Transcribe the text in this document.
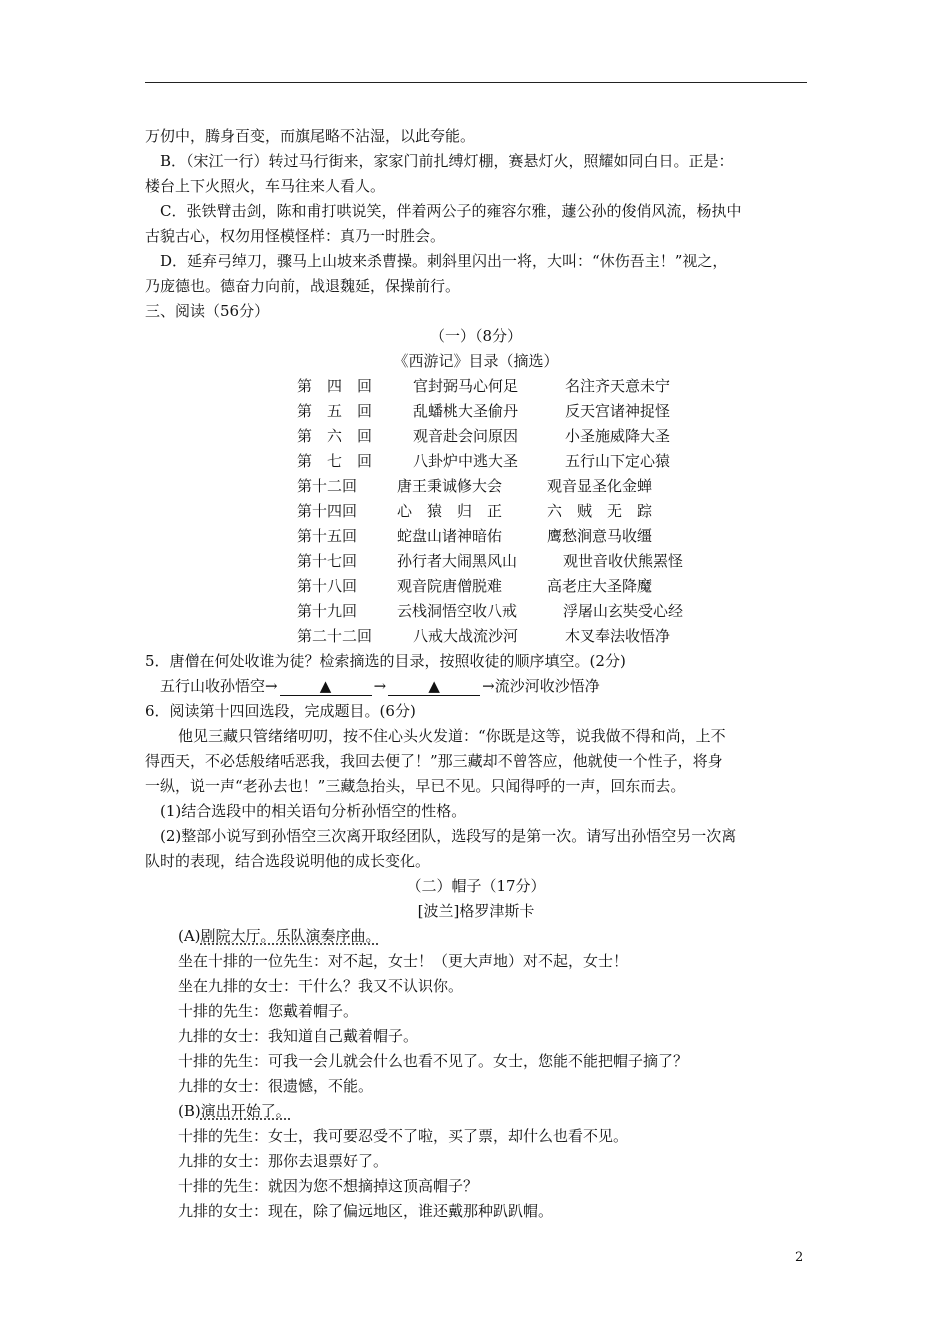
万仞中，腾身百变，而旗尾略不沾湿，以此夸能。
B．（宋江一行）转过马行街来，家家门前扎缚灯棚，赛悬灯火，照耀如同白日。正是：
楼台上下火照火，车马往来人看人。
C．张铁臂击剑，陈和甫打哄说笑，伴着两公子的雍容尔雅，蘧公孙的俊俏风流，杨执中
古貌古心，权勿用怪模怪样：真乃一时胜会。
D．延弃弓绰刀，骤马上山坡来杀曹操。刺斜里闪出一将，大叫：“休伤吾主！”视之，
乃庞德也。德奋力向前，战退魏延，保操前行。
三、阅读（56分）
（一）（8分）
《西游记》目录（摘选）
第　四　回	官封弼马心何足	名注齐天意未宁
第　五　回	乱蟠桃大圣偷丹	反天宫诸神捉怪
第　六　回	观音赴会问原因	小圣施威降大圣
第　七　回	八卦炉中逃大圣	五行山下定心猿
第十二回	唐王秉诚修大会	观音显圣化金蝉
第十四回	心　猿　归　正	六　贼　无　踪
第十五回	蛇盘山诸神暗佑	鹰愁涧意马收缰
第十七回	孙行者大闹黑风山	观世音收伏熊罴怪
第十八回	观音院唐僧脱难	高老庄大圣降魔
第十九回	云栈洞悟空收八戒	浮屠山玄奘受心经
第二十二回	八戒大战流沙河	木叉奉法收悟净
5．唐僧在何处收谁为徒？检索摘选的目录，按照收徒的顺序填空。(2分)
五行山收孙悟空→	▲	→	▲	→流沙河收沙悟净
6．阅读第十四回选段，完成题目。(6分)
他见三藏只管绪绪叨叨，按不住心头火发道：“你既是这等，说我做不得和尚，上不
得西天，不必恁般绪咶恶我，我回去便了！”那三藏却不曾答应，他就使一个性子，将身
一纵，说一声“老孙去也！”三藏急抬头，早已不见。只闻得呼的一声，回东而去。
(1)结合选段中的相关语句分析孙悟空的性格。
(2)整部小说写到孙悟空三次离开取经团队，选段写的是第一次。请写出孙悟空另一次离
队时的表现，结合选段说明他的成长变化。
（二）帽子（17分）
[波兰]格罗津斯卡
(A)剧院大厅。乐队演奏序曲。
坐在十排的一位先生：对不起，女士！（更大声地）对不起，女士！
坐在九排的女士：干什么？我又不认识你。
十排的先生：您戴着帽子。
九排的女士：我知道自己戴着帽子。
十排的先生：可我一会儿就会什么也看不见了。女士，您能不能把帽子摘了？
九排的女士：很遗憾，不能。
(B)演出开始了。
十排的先生：女士，我可要忍受不了啦，买了票，却什么也看不见。
九排的女士：那你去退票好了。
十排的先生：就因为您不想摘掉这顶高帽子？
九排的女士：现在，除了偏远地区，谁还戴那种趴趴帽。
2
